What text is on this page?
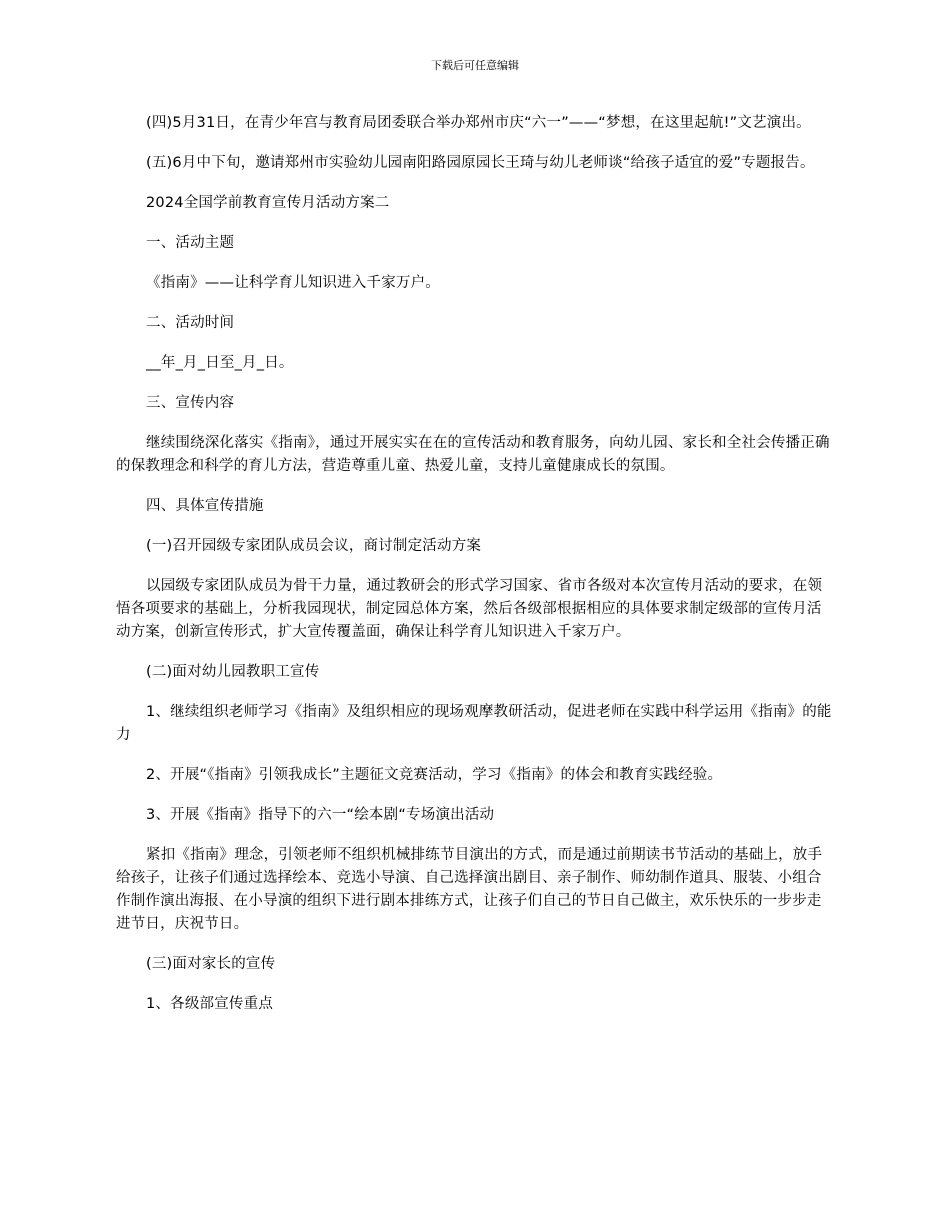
下载后可任意编辑

(四)5月31日，在青少年宫与教育局团委联合举办郑州市庆“六一”——“梦想，在这里起航!”文艺演出。

(五)6月中下旬，邀请郑州市实验幼儿园南阳路园原园长王琦与幼儿老师谈“给孩子适宜的爱”专题报告。

2024全国学前教育宣传月活动方案二

一、活动主题

《指南》——让科学育儿知识进入千家万户。

二、活动时间

__年_月_日至_月_日。

三、宣传内容

继续围绕深化落实《指南》，通过开展实实在在的宣传活动和教育服务，向幼儿园、家长和全社会传播正确的保教理念和科学的育儿方法，营造尊重儿童、热爱儿童，支持儿童健康成长的氛围。

四、具体宣传措施

(一)召开园级专家团队成员会议，商讨制定活动方案

以园级专家团队成员为骨干力量，通过教研会的形式学习国家、省市各级对本次宣传月活动的要求，在领悟各项要求的基础上，分析我园现状，制定园总体方案，然后各级部根据相应的具体要求制定级部的宣传月活动方案，创新宣传形式，扩大宣传覆盖面，确保让科学育儿知识进入千家万户。

(二)面对幼儿园教职工宣传

1、继续组织老师学习《指南》及组织相应的现场观摩教研活动，促进老师在实践中科学运用《指南》的能力

2、开展“《指南》引领我成长”主题征文竞赛活动，学习《指南》的体会和教育实践经验。

3、开展《指南》指导下的六一“绘本剧“专场演出活动

紧扣《指南》理念，引领老师不组织机械排练节目演出的方式，而是通过前期读书节活动的基础上，放手给孩子，让孩子们通过选择绘本、竞选小导演、自己选择演出剧目、亲子制作、师幼制作道具、服装、小组合作制作演出海报、在小导演的组织下进行剧本排练方式，让孩子们自己的节日自己做主，欢乐快乐的一步步走进节日，庆祝节日。

(三)面对家长的宣传

1、各级部宣传重点
